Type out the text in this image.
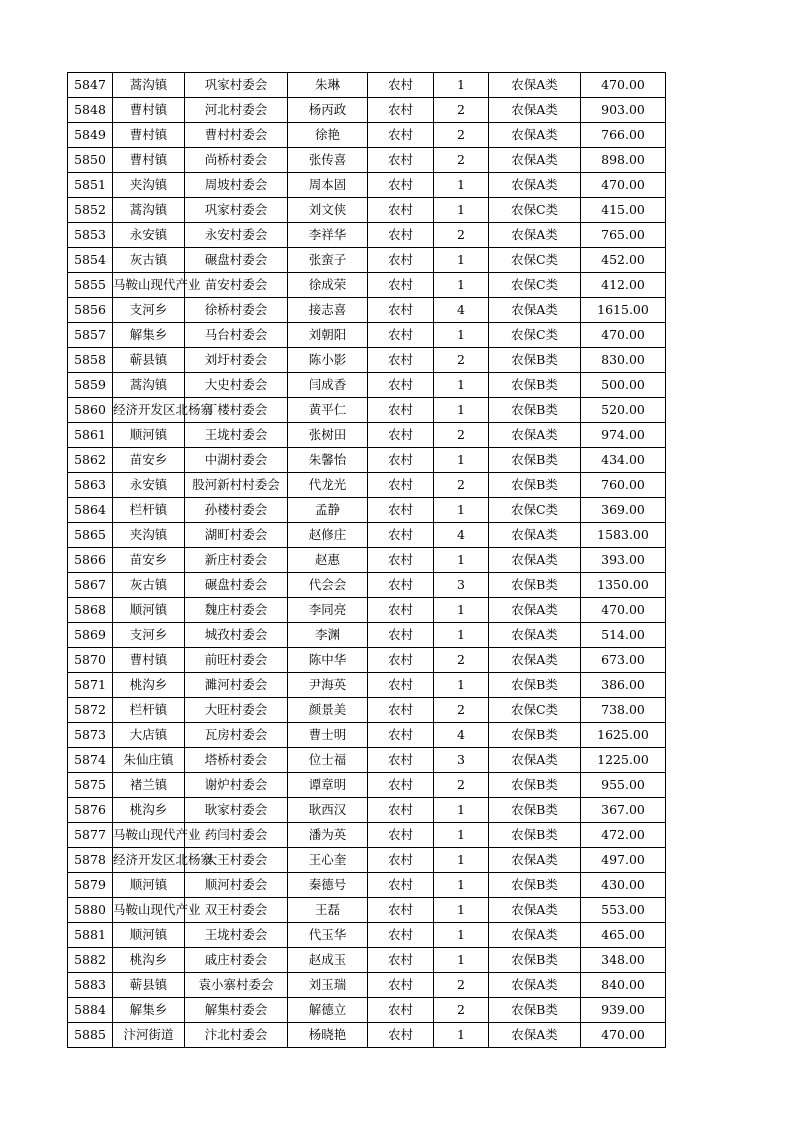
5847	蒿沟镇	巩家村委会	朱琳	农村	1	农保A类	470.00
5848	曹村镇	河北村委会	杨丙政	农村	2	农保A类	903.00
5849	曹村镇	曹村村委会	徐艳	农村	2	农保A类	766.00
5850	曹村镇	尚桥村委会	张传喜	农村	2	农保A类	898.00
5851	夹沟镇	周坡村委会	周本固	农村	1	农保A类	470.00
5852	蒿沟镇	巩家村委会	刘文侠	农村	1	农保C类	415.00
5853	永安镇	永安村委会	李祥华	农村	2	农保A类	765.00
5854	灰古镇	碾盘村委会	张蛮子	农村	1	农保C类	452.00
5855	马鞍山现代产业	苗安村委会	徐成荣	农村	1	农保C类	412.00
5856	支河乡	徐桥村委会	接志喜	农村	4	农保A类	1615.00
5857	解集乡	马台村委会	刘朝阳	农村	1	农保C类	470.00
5858	蕲县镇	刘圩村委会	陈小影	农村	2	农保B类	830.00
5859	蒿沟镇	大史村委会	闫成香	农村	1	农保B类	500.00
5860	经济开发区北杨寨	丁楼村委会	黄平仁	农村	1	农保B类	520.00
5861	顺河镇	王垅村委会	张树田	农村	2	农保A类	974.00
5862	苗安乡	中湖村委会	朱馨怡	农村	1	农保B类	434.00
5863	永安镇	股河新村村委会	代龙光	农村	2	农保B类	760.00
5864	栏杆镇	孙楼村委会	孟静	农村	1	农保C类	369.00
5865	夹沟镇	湖町村委会	赵修庄	农村	4	农保A类	1583.00
5866	苗安乡	新庄村委会	赵惠	农村	1	农保A类	393.00
5867	灰古镇	碾盘村委会	代会会	农村	3	农保B类	1350.00
5868	顺河镇	魏庄村委会	李同亮	农村	1	农保A类	470.00
5869	支河乡	城孜村委会	李渊	农村	1	农保A类	514.00
5870	曹村镇	前旺村委会	陈中华	农村	2	农保A类	673.00
5871	桃沟乡	濉河村委会	尹海英	农村	1	农保B类	386.00
5872	栏杆镇	大旺村委会	颜景美	农村	2	农保C类	738.00
5873	大店镇	瓦房村委会	曹士明	农村	4	农保B类	1625.00
5874	朱仙庄镇	塔桥村委会	位士福	农村	3	农保A类	1225.00
5875	褚兰镇	谢炉村委会	谭章明	农村	2	农保B类	955.00
5876	桃沟乡	耿家村委会	耿西汉	农村	1	农保B类	367.00
5877	马鞍山现代产业	药闫村委会	潘为英	农村	1	农保B类	472.00
5878	经济开发区北杨寨	大王村委会	王心奎	农村	1	农保A类	497.00
5879	顺河镇	顺河村委会	秦德号	农村	1	农保B类	430.00
5880	马鞍山现代产业	双王村委会	王磊	农村	1	农保A类	553.00
5881	顺河镇	王垅村委会	代玉华	农村	1	农保A类	465.00
5882	桃沟乡	戚庄村委会	赵成玉	农村	1	农保B类	348.00
5883	蕲县镇	袁小寨村委会	刘玉瑞	农村	2	农保A类	840.00
5884	解集乡	解集村委会	解德立	农村	2	农保B类	939.00
5885	汴河街道	汴北村委会	杨晓艳	农村	1	农保A类	470.00
